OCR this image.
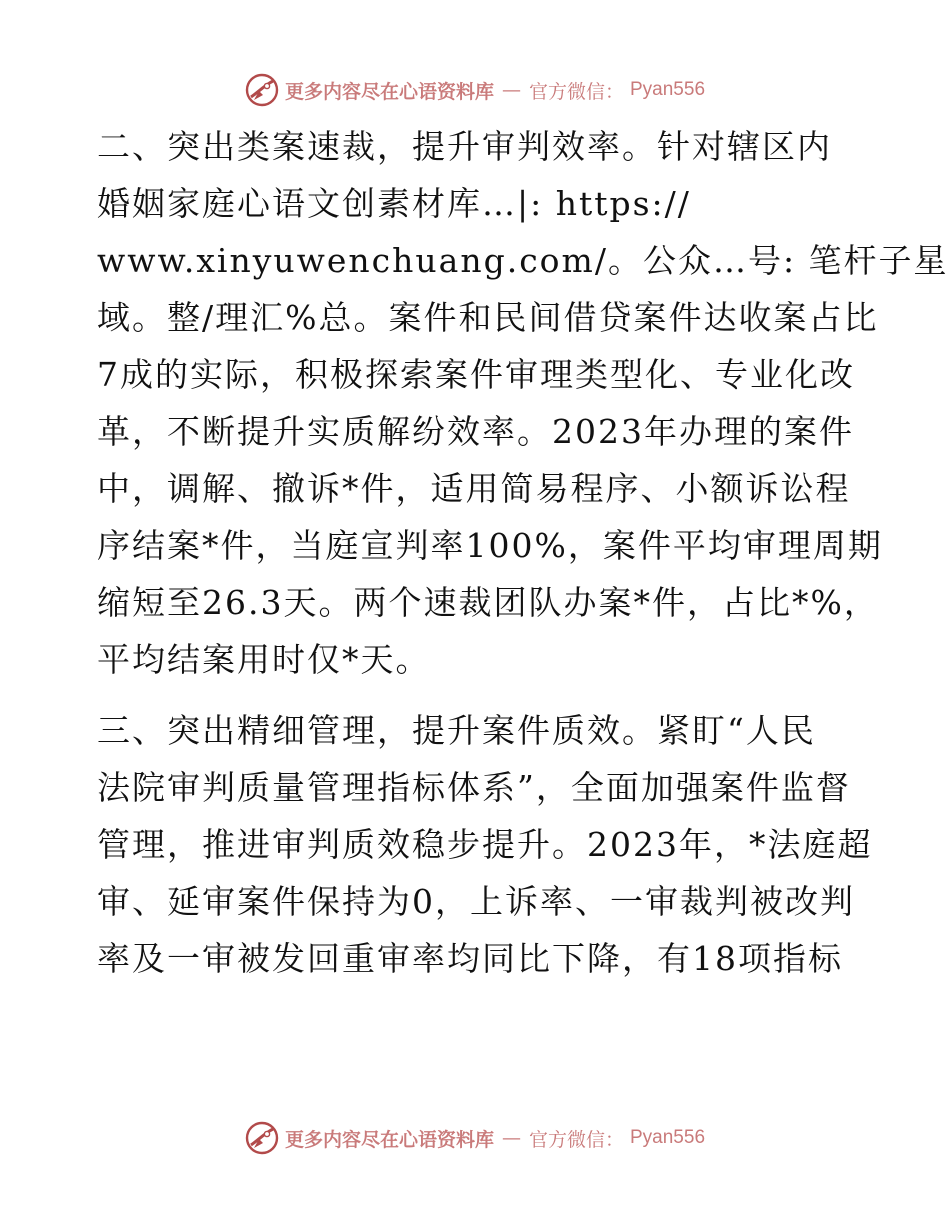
更多内容尽在心语资料库 — 官方微信： Pyan556
二、突出类案速裁，提升审判效率。针对辖区内
婚姻家庭心语文创素材库…|: https://
www.xinyuwenchuang.com/。公众…号: 笔杆子星
域。整/理汇%总。案件和民间借贷案件达收案占比
7成的实际，积极探索案件审理类型化、专业化改
革，不断提升实质解纷效率。2023年办理的案件
中，调解、撤诉*件，适用简易程序、小额诉讼程
序结案*件，当庭宣判率100%，案件平均审理周期
缩短至26.3天。两个速裁团队办案*件，占比*%，
平均结案用时仅*天。
三、突出精细管理，提升案件质效。紧盯“人民
法院审判质量管理指标体系”，全面加强案件监督
管理，推进审判质效稳步提升。2023年，*法庭超
审、延审案件保持为0，上诉率、一审裁判被改判
率及一审被发回重审率均同比下降，有18项指标
更多内容尽在心语资料库 — 官方微信： Pyan556
